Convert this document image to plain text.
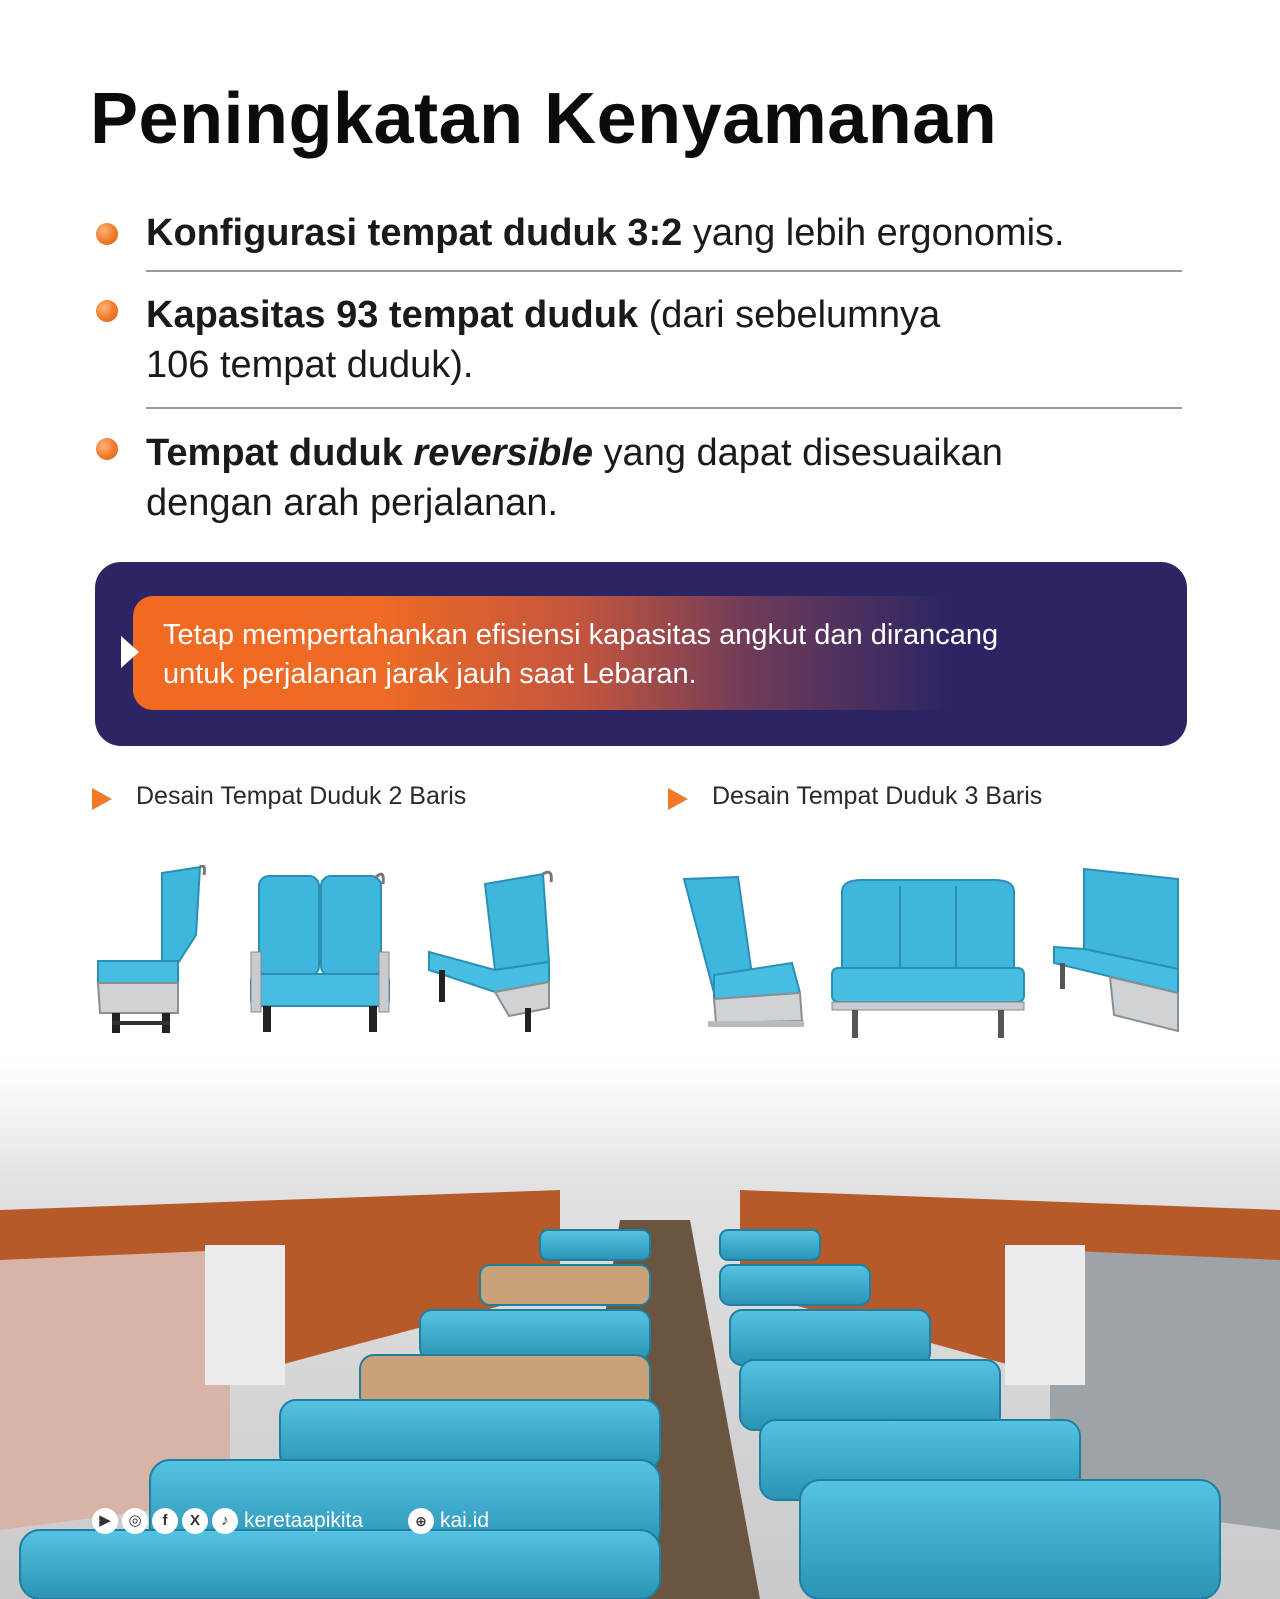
Peningkatan Kenyamanan
Konfigurasi tempat duduk 3:2 yang lebih ergonomis.
Kapasitas 93 tempat duduk (dari sebelumnya
106 tempat duduk).
Tempat duduk reversible yang dapat disesuaikan
dengan arah perjalanan.
Tetap mempertahankan efisiensi kapasitas angkut dan dirancang
untuk perjalanan jarak jauh saat Lebaran.
Desain Tempat Duduk 2 Baris	Desain Tempat Duduk 3 Baris
▶	◎	f	X	♪ keretaapikita	⊕ kai.id
